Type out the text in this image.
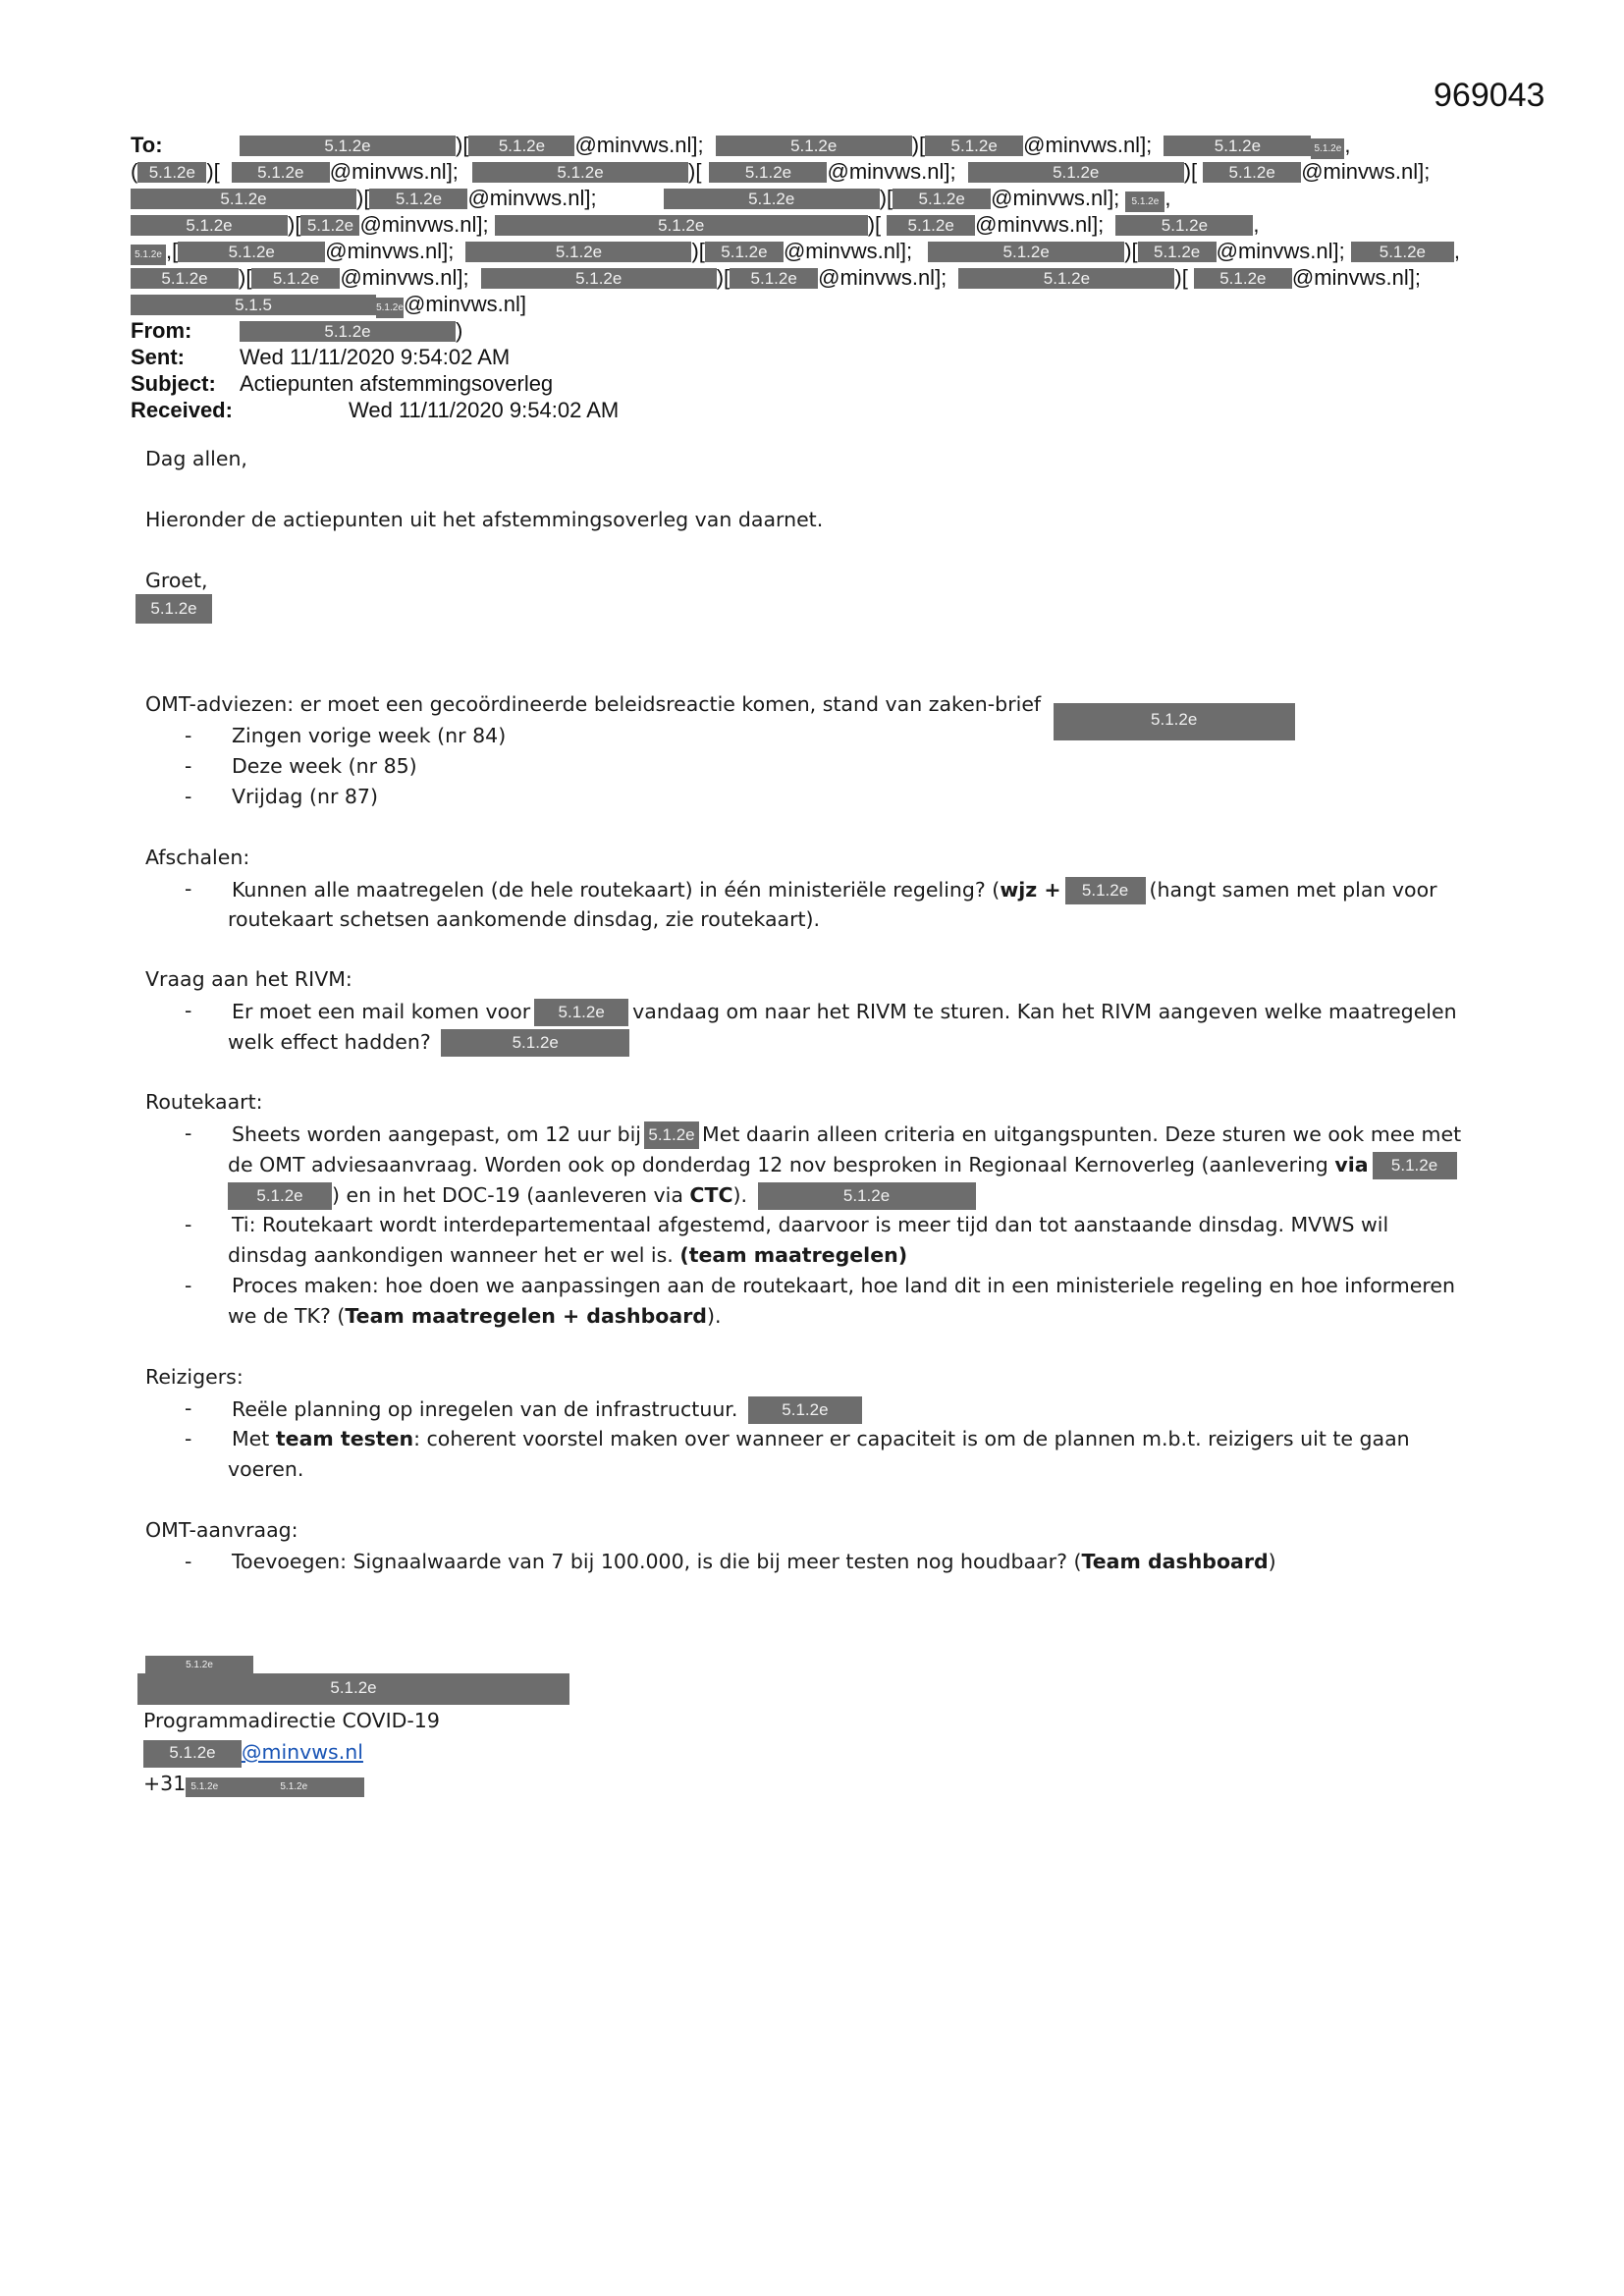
969043
To:	5.1.2e	)[ 5.1.2e @minvws.nl];	5.1.2e	)[ 5.1.2e @minvws.nl];	5.1.2e	5.1.2e ,
( 5.1.2e )[ 5.1.2e @minvws.nl];	5.1.2e	)[	5.1.2e @minvws.nl];	5.1.2e	)[ 5.1.2e @minvws.nl];
5.1.2e	)[ 5.1.2e @minvws.nl];	5.1.2e	)[ 5.1.2e @minvws.nl]; 5.1.2e ,
5.1.2e	)[ 5.1.2e @minvws.nl];	5.1.2e	)[ 5.1.2e @minvws.nl];	5.1.2e ,
5.1.2e ,[	5.1.2e @minvws.nl];	5.1.2e	)[ 5.1.2e @minvws.nl];	5.1.2e	)[ 5.1.2e @minvws.nl]; 5.1.2e ,
5.1.2e )[ 5.1.2e @minvws.nl];	5.1.2e	)[ 5.1.2e @minvws.nl];	5.1.2e	)[ 5.1.2e @minvws.nl];
5.1.5	5.1.2e@minvws.nl]
From:	5.1.2e	)
Sent:	Wed 11/11/2020 9:54:02 AM
Subject: Actiepunten afstemmingsoverleg
Received:	Wed 11/11/2020 9:54:02 AM
Dag allen,
Hieronder de actiepunten uit het afstemmingsoverleg van daarnet.
Groet,
5.1.2e
OMT-adviezen: er moet een gecoördineerde beleidsreactie komen, stand van zaken-brief 5.1.2e
- Zingen vorige week (nr 84)
- Deze week (nr 85)
- Vrijdag (nr 87)
Afschalen:
- Kunnen alle maatregelen (de hele routekaart) in één ministeriële regeling? (wjz + 5.1.2e (hangt samen met plan voor
routekaart schetsen aankomende dinsdag, zie routekaart).
Vraag aan het RIVM:
- Er moet een mail komen voor 5.1.2e vandaag om naar het RIVM te sturen. Kan het RIVM aangeven welke maatregelen
welk effect hadden?	5.1.2e
Routekaart:
- Sheets worden aangepast, om 12 uur bij 5.1.2e Met daarin alleen criteria en uitgangspunten. Deze sturen we ook mee met
de OMT adviesaanvraag. Worden ook op donderdag 12 nov besproken in Regionaal Kernoverleg (aanlevering via 5.1.2e
5.1.2e ) en in het DOC-19 (aanleveren via CTC).	5.1.2e
- Ti: Routekaart wordt interdepartementaal afgestemd, daarvoor is meer tijd dan tot aanstaande dinsdag. MVWS wil
dinsdag aankondigen wanneer het er wel is. (team maatregelen)
- Proces maken: hoe doen we aanpassingen aan de routekaart, hoe land dit in een ministeriele regeling en hoe informeren
we de TK? (Team maatregelen + dashboard).
Reizigers:
- Reële planning op inregelen van de infrastructuur.	5.1.2e
- Met team testen: coherent voorstel maken over wanneer er capaciteit is om de plannen m.b.t. reizigers uit te gaan
voeren.
OMT-aanvraag:
- Toevoegen: Signaalwaarde van 7 bij 100.000, is die bij meer testen nog houdbaar? (Team dashboard)
5.1.2e
5.1.2e
Programmadirectie COVID-19
5.1.2e @minvws.nl
+31 5.1.2e	5.1.2e
